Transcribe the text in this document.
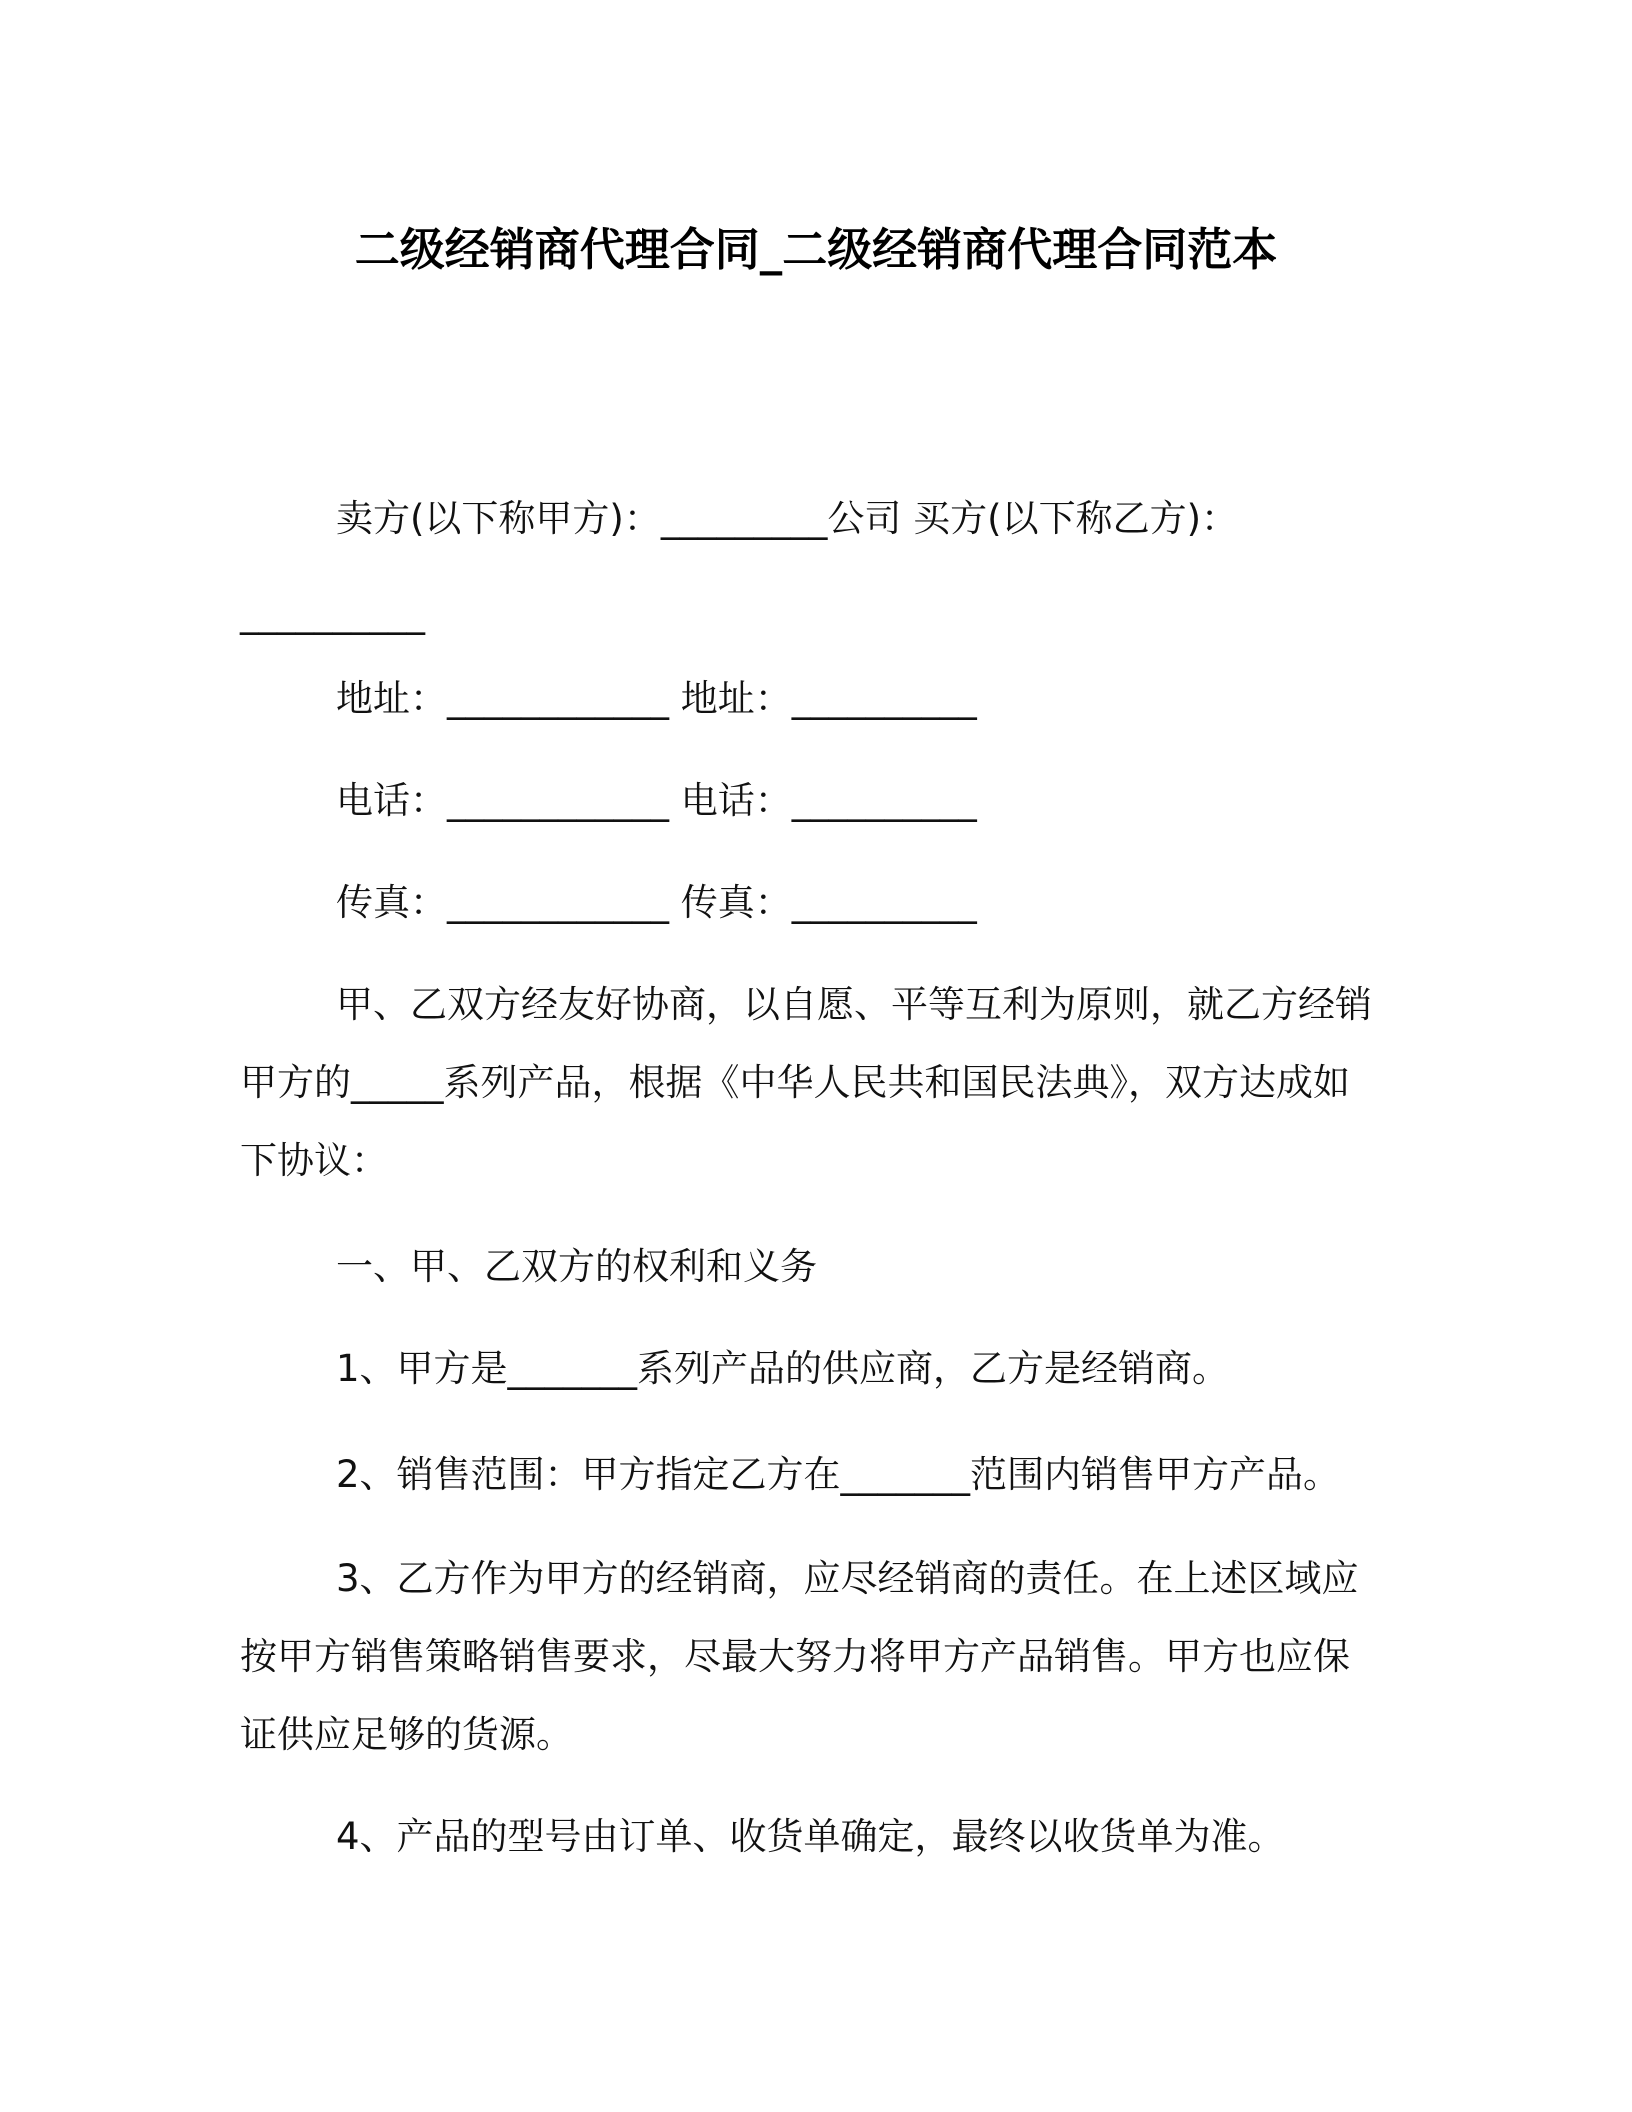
二级经销商代理合同_二级经销商代理合同范本

卖方(以下称甲方)：_________公司 买方(以下称乙方)：

__________

地址：____________ 地址：__________

电话：____________ 电话：__________

传真：____________ 传真：__________

甲、乙双方经友好协商，以自愿、平等互利为原则，就乙方经销
甲方的_____系列产品，根据《中华人民共和国民法典》，双方达成如
下协议：

一、甲、乙双方的权利和义务

1、甲方是_______系列产品的供应商，乙方是经销商。

2、销售范围：甲方指定乙方在_______范围内销售甲方产品。

3、乙方作为甲方的经销商，应尽经销商的责任。在上述区域应
按甲方销售策略销售要求，尽最大努力将甲方产品销售。甲方也应保
证供应足够的货源。

4、产品的型号由订单、收货单确定，最终以收货单为准。
